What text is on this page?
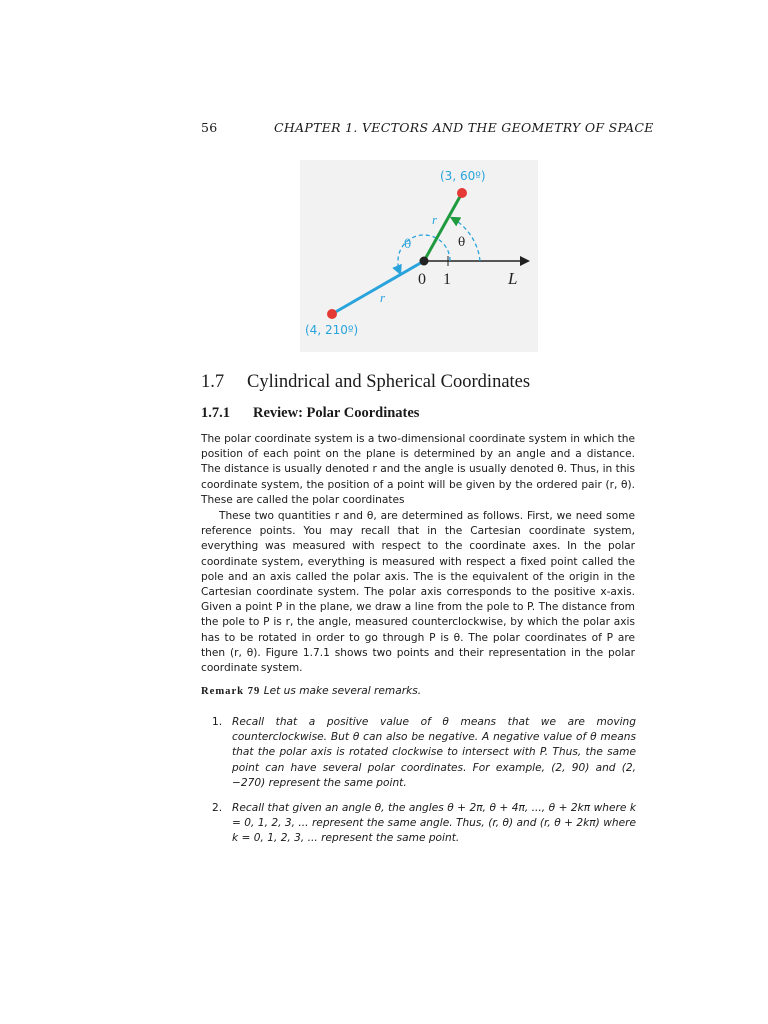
56	CHAPTER 1. VECTORS AND THE GEOMETRY OF SPACE
(3, 60º)
(4, 210º)
r
r
θ	θ
0 1	L
1.7 Cylindrical and Spherical Coordinates
1.7.1 Review: Polar Coordinates
The polar coordinate system is a two-dimensional coordinate system in which the position of each point on the plane is determined by an angle and a distance. The distance is usually denoted r and the angle is usually denoted θ. Thus, in this coordinate system, the position of a point will be given by the ordered pair (r, θ). These are called the polar coordinates
These two quantities r and θ, are determined as follows. First, we need some reference points. You may recall that in the Cartesian coordinate system, everything was measured with respect to the coordinate axes. In the polar coordinate system, everything is measured with respect a fixed point called the pole and an axis called the polar axis. The is the equivalent of the origin in the Cartesian coordinate system. The polar axis corresponds to the positive x-axis. Given a point P in the plane, we draw a line from the pole to P. The distance from the pole to P is r, the angle, measured counterclockwise, by which the polar axis has to be rotated in order to go through P is θ. The polar coordinates of P are then (r, θ). Figure 1.7.1 shows two points and their representation in the polar coordinate system.
Remark 79 Let us make several remarks.
1. Recall that a positive value of θ means that we are moving counterclockwise. But θ can also be negative. A negative value of θ means that the polar axis is rotated clockwise to intersect with P. Thus, the same point can have several polar coordinates. For example, (2, 90) and (2, −270) represent the same point.
2. Recall that given an angle θ, the angles θ + 2π, θ + 4π, ..., θ + 2kπ where k = 0, 1, 2, 3, ... represent the same angle. Thus, (r, θ) and (r, θ + 2kπ) where k = 0, 1, 2, 3, ... represent the same point.
